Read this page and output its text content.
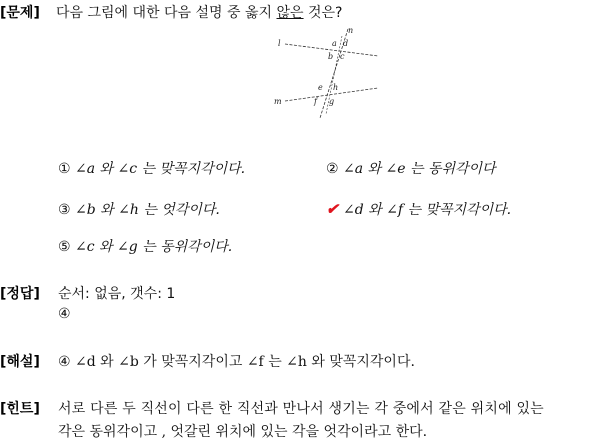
[문제] 다음 그림에 대한 다음 설명 중 옳지 않은 것은?
l
m
n
a d
b c
e h
f g
① ∠a 와 ∠c 는 맞꼭지각이다.	② ∠a 와 ∠e 는 동위각이다
③ ∠b 와 ∠h 는 엇각이다.	✔ ∠d 와 ∠f 는 맞꼭지각이다.
⑤ ∠c 와 ∠g 는 동위각이다.
[정답] 순서: 없음, 갯수: 1
④
[해설] ④ ∠d 와 ∠b 가 맞꼭지각이고 ∠f 는 ∠h 와 맞꼭지각이다.
[힌트] 서로 다른 두 직선이 다른 한 직선과 만나서 생기는 각 중에서 같은 위치에 있는
각은 동위각이고 , 엇갈린 위치에 있는 각을 엇각이라고 한다.
